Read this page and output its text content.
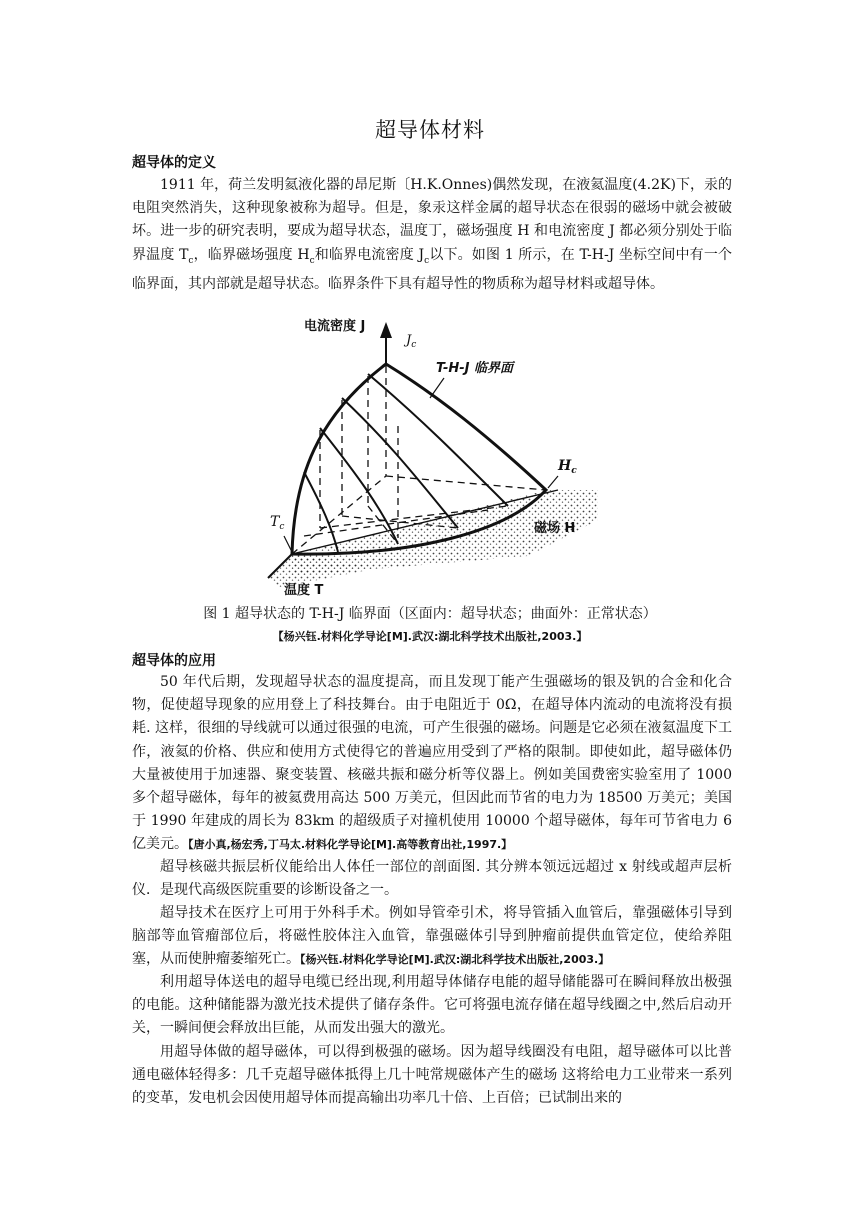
超导体材料
超导体的定义
1911 年，荷兰发明氦液化器的昂尼斯〔H.K.Onnes)偶然发现，在液氦温度(4.2K)下，汞的电阻突然消失，这种现象被称为超导。但是，象汞这样金属的超导状态在很弱的磁场中就会被破坏。进一步的研究表明，要成为超导状态，温度丁，磁场强度 H 和电流密度 J 都必须分别处于临界温度 $T_c$，临界磁场强度 $H_c$和临界电流密度 $J_c$以下。如图 1 所示，在 T-H-J 坐标空间中有一个临界面，其内部就是超导状态。临界条件下具有超导性的物质称为超导材料或超导体。
电流密度 J
$J_c$
T-H-J 临界面
$H_c$
$T_c$	磁场 H
温度 T
图 1 超导状态的 T-H-J 临界面（区面内：超导状态；曲面外：正常状态）
【杨兴钰.材料化学导论[M].武汉:湖北科学技术出版社,2003.】
超导体的应用
50 年代后期，发现超导状态的温度提高，而且发现丁能产生强磁场的银及钒的合金和化合物，促使超导现象的应用登上了科技舞台。由于电阻近于 0Ω，在超导体内流动的电流将没有损耗. 这样，很细的导线就可以通过很强的电流，可产生很强的磁场。问题是它必须在液氦温度下工作，液氦的价格、供应和使用方式使得它的普遍应用受到了严格的限制。即使如此，超导磁体仍大量被使用于加速器、聚变装置、核磁共振和磁分析等仪器上。例如美国费密实验室用了 1000 多个超导磁体，每年的被氦费用高达 500 万美元，但因此而节省的电力为 18500 万美元；美国于 1990 年建成的周长为 83km 的超级质子对撞机使用 10000 个超导磁体，每年可节省电力 6 亿美元。【唐小真,杨宏秀,丁马太.材料化学导论[M].高等教育出社,1997.】
超导核磁共振层析仪能给出人体任一部位的剖面图. 其分辨本领远远超过 x 射线或超声层析仪．是现代高级医院重要的诊断设备之一。
超导技术在医疗上可用于外科手术。例如导管牵引术，将导管插入血管后，靠强磁体引导到脑部等血管瘤部位后，将磁性胶体注入血管，靠强磁体引导到肿瘤前提供血管定位，使给养阻塞，从而使肿瘤萎缩死亡。【杨兴钰.材料化学导论[M].武汉:湖北科学技术出版社,2003.】
利用超导体送电的超导电缆已经出现,利用超导体储存电能的超导储能器可在瞬间释放出极强的电能。这种储能器为激光技术提供了储存条件。它可将强电流存储在超导线圈之中,然后启动开关，一瞬间便会释放出巨能，从而发出强大的激光。
用超导体做的超导磁体，可以得到极强的磁场。因为超导线圈没有电阻，超导磁体可以比普通电磁体轻得多：几千克超导磁体抵得上几十吨常规磁体产生的磁场 这将给电力工业带来一系列的变革，发电机会因使用超导体而提高输出功率几十倍、上百倍；已试制出来的
